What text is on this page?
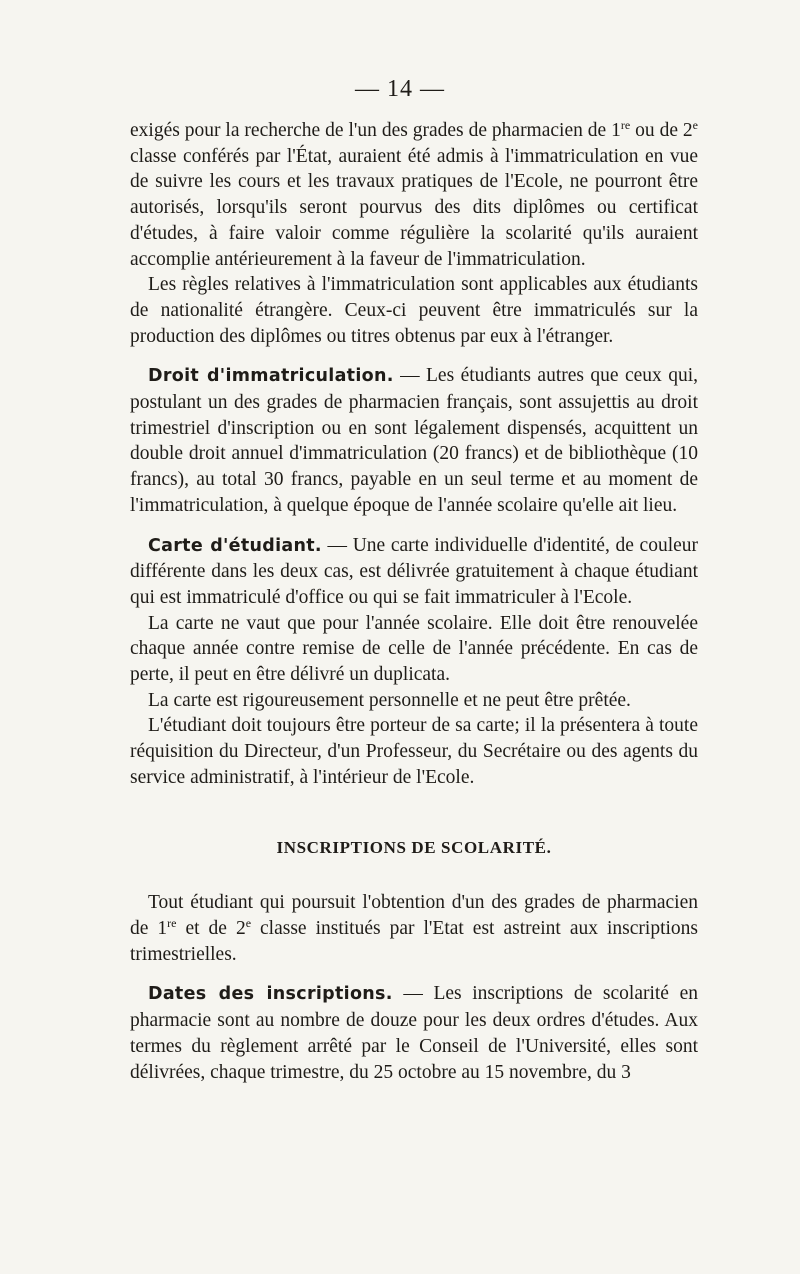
— 14 —

exigés pour la recherche de l'un des grades de pharmacien de 1re ou de 2e classe conférés par l'État, auraient été admis à l'immatriculation en vue de suivre les cours et les travaux pratiques de l'Ecole, ne pourront être autorisés, lorsqu'ils seront pourvus des dits diplômes ou certificat d'études, à faire valoir comme régulière la scolarité qu'ils auraient accomplie antérieurement à la faveur de l'immatriculation.

Les règles relatives à l'immatriculation sont applicables aux étudiants de nationalité étrangère. Ceux-ci peuvent être immatriculés sur la production des diplômes ou titres obtenus par eux à l'étranger.

Droit d'immatriculation. — Les étudiants autres que ceux qui, postulant un des grades de pharmacien français, sont assujettis au droit trimestriel d'inscription ou en sont légalement dispensés, acquittent un double droit annuel d'immatriculation (20 francs) et de bibliothèque (10 francs), au total 30 francs, payable en un seul terme et au moment de l'immatriculation, à quelque époque de l'année scolaire qu'elle ait lieu.

Carte d'étudiant. — Une carte individuelle d'identité, de couleur différente dans les deux cas, est délivrée gratuitement à chaque étudiant qui est immatriculé d'office ou qui se fait immatriculer à l'Ecole.

La carte ne vaut que pour l'année scolaire. Elle doit être renouvelée chaque année contre remise de celle de l'année précédente. En cas de perte, il peut en être délivré un duplicata.

La carte est rigoureusement personnelle et ne peut être prêtée.

L'étudiant doit toujours être porteur de sa carte; il la présentera à toute réquisition du Directeur, d'un Professeur, du Secrétaire ou des agents du service administratif, à l'intérieur de l'Ecole.

INSCRIPTIONS DE SCOLARITÉ.

Tout étudiant qui poursuit l'obtention d'un des grades de pharmacien de 1re et de 2e classe institués par l'Etat est astreint aux inscriptions trimestrielles.

Dates des inscriptions. — Les inscriptions de scolarité en pharmacie sont au nombre de douze pour les deux ordres d'études. Aux termes du règlement arrêté par le Conseil de l'Université, elles sont délivrées, chaque trimestre, du 25 octobre au 15 novembre, du 3
